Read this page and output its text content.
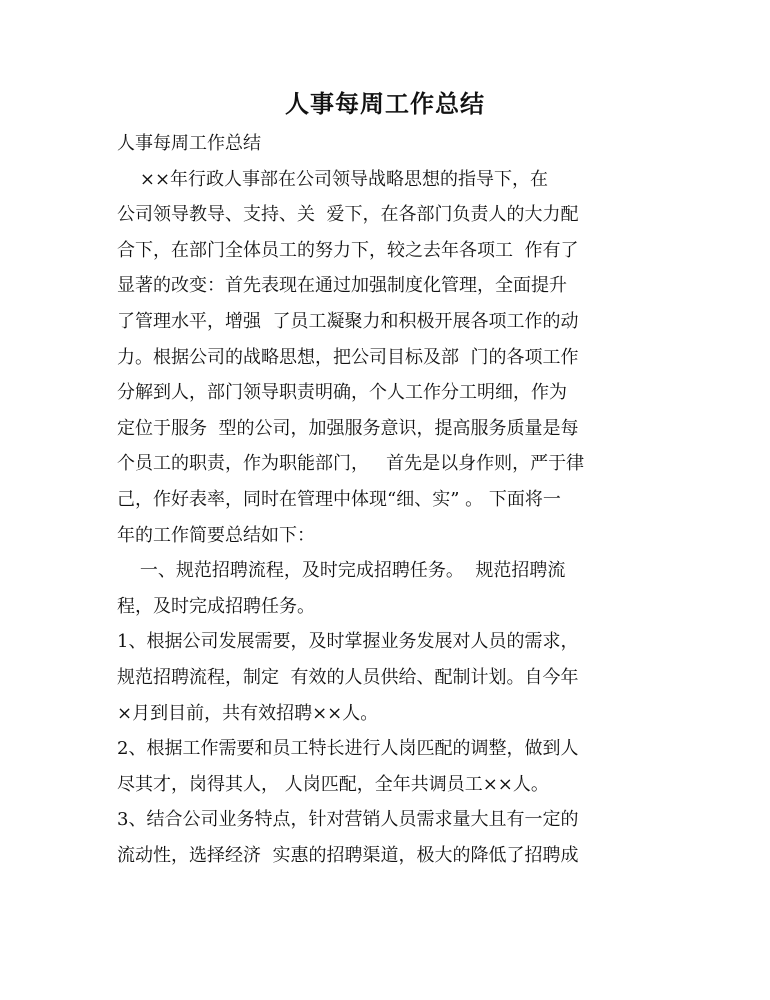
人事每周工作总结
人事每周工作总结
××年行政人事部在公司领导战略思想的指导下，在
公司领导教导、支持、关  爱下，在各部门负责人的大力配
合下，在部门全体员工的努力下，较之去年各项工  作有了
显著的改变：首先表现在通过加强制度化管理，全面提升
了管理水平，增强  了员工凝聚力和积极开展各项工作的动
力。根据公司的战略思想，把公司目标及部  门的各项工作
分解到人，部门领导职责明确，个人工作分工明细，作为
定位于服务  型的公司，加强服务意识，提高服务质量是每
个员工的职责，作为职能部门，   首先是以身作则，严于律
己，作好表率，同时在管理中体现“细、实” 。 下面将一
年的工作简要总结如下：
一、规范招聘流程，及时完成招聘任务。  规范招聘流
程，及时完成招聘任务。
1、根据公司发展需要，及时掌握业务发展对人员的需求，
规范招聘流程，制定  有效的人员供给、配制计划。自今年
×月到目前，共有效招聘××人。
2、根据工作需要和员工特长进行人岗匹配的调整，做到人
尽其才，岗得其人， 人岗匹配，全年共调员工××人。
3、结合公司业务特点，针对营销人员需求量大且有一定的
流动性，选择经济  实惠的招聘渠道，极大的降低了招聘成
